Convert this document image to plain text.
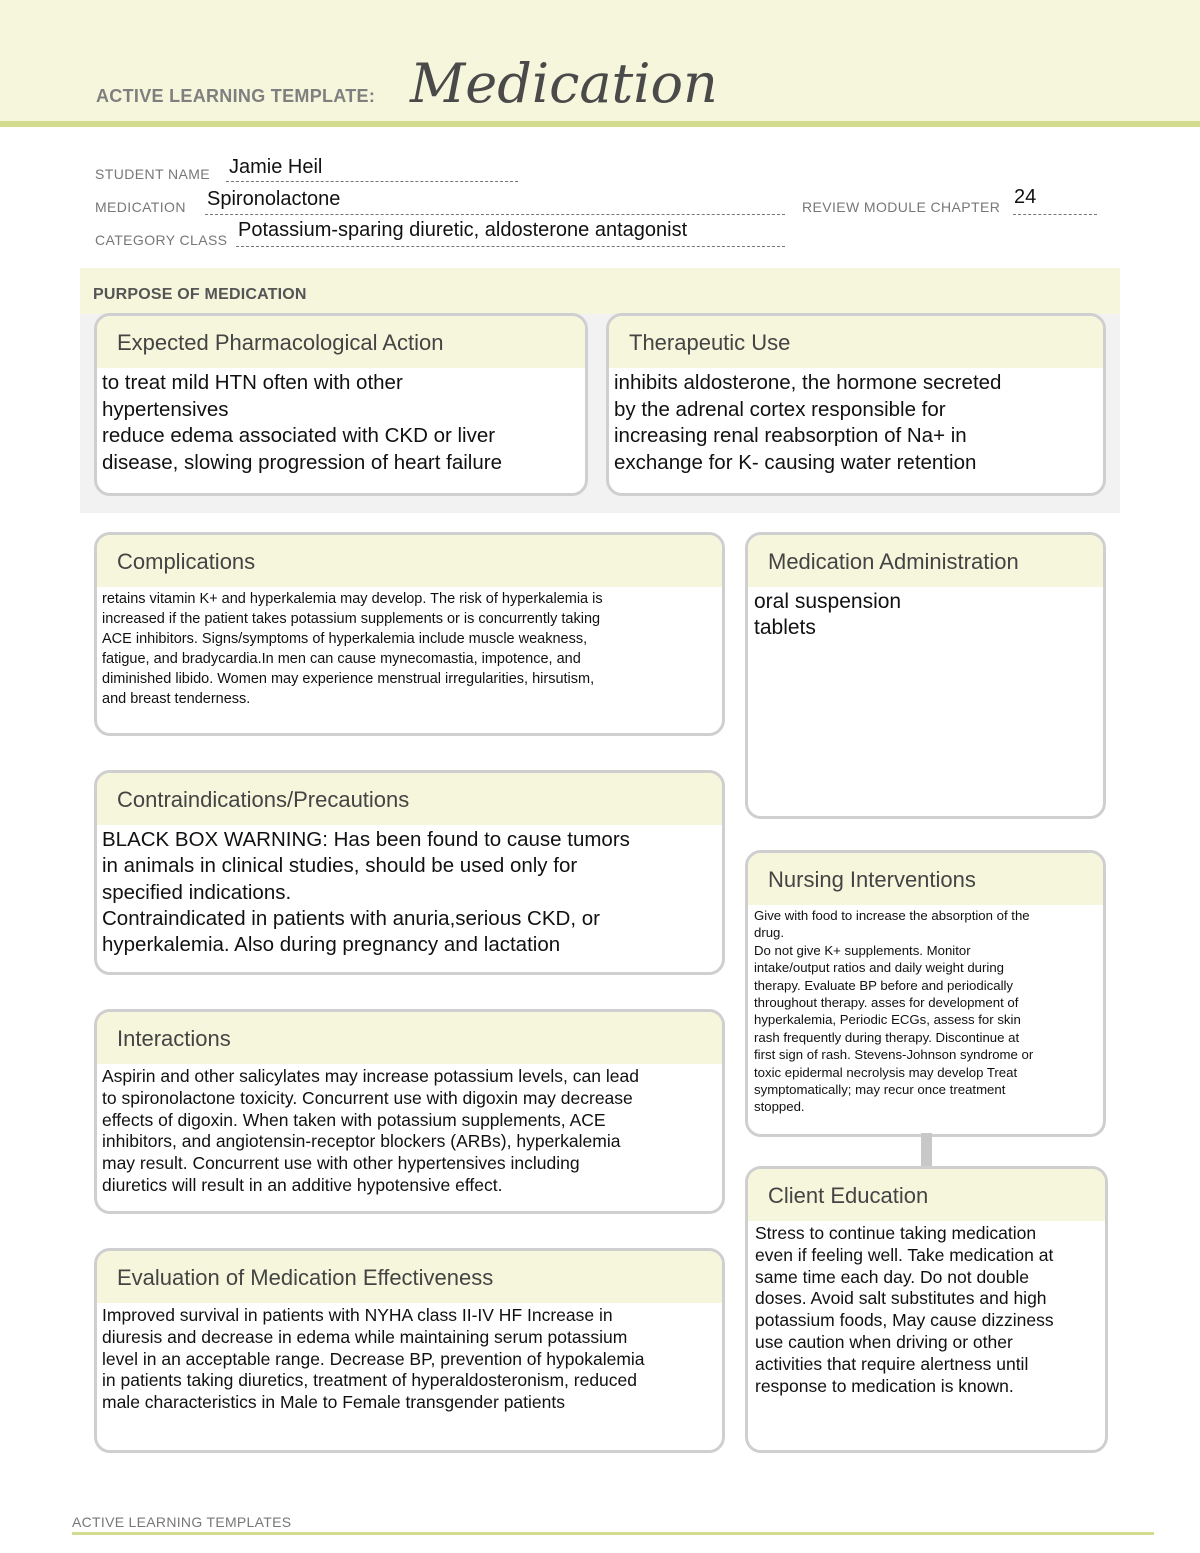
ACTIVE LEARNING TEMPLATE: Medication
STUDENT NAME Jamie Heil
MEDICATION Spironolactone	REVIEW MODULE CHAPTER 24
CATEGORY CLASS Potassium-sparing diuretic, aldosterone antagonist
PURPOSE OF MEDICATION
Expected Pharmacological Action
to treat mild HTN often with other
hypertensives
reduce edema associated with CKD or liver
disease, slowing progression of heart failure
Therapeutic Use
inhibits aldosterone, the hormone secreted
by the adrenal cortex responsible for
increasing renal reabsorption of Na+ in
exchange for K- causing water retention
Complications
retains vitamin K+ and hyperkalemia may develop. The risk of hyperkalemia is
increased if the patient takes potassium supplements or is concurrently taking
ACE inhibitors. Signs/symptoms of hyperkalemia include muscle weakness,
fatigue, and bradycardia.In men can cause mynecomastia, impotence, and
diminished libido. Women may experience menstrual irregularities, hirsutism,
and breast tenderness.
Medication Administration
oral suspension
tablets
Contraindications/Precautions
BLACK BOX WARNING: Has been found to cause tumors
in animals in clinical studies, should be used only for
specified indications.
Contraindicated in patients with anuria,serious CKD, or
hyperkalemia. Also during pregnancy and lactation
Nursing Interventions
Give with food to increase the absorption of the
drug.
Do not give K+ supplements. Monitor
intake/output ratios and daily weight during
therapy. Evaluate BP before and periodically
throughout therapy. asses for development of
hyperkalemia, Periodic ECGs, assess for skin
rash frequently during therapy. Discontinue at
first sign of rash. Stevens-Johnson syndrome or
toxic epidermal necrolysis may develop Treat
symptomatically; may recur once treatment
stopped.
Interactions
Aspirin and other salicylates may increase potassium levels, can lead
to spironolactone toxicity. Concurrent use with digoxin may decrease
effects of digoxin. When taken with potassium supplements, ACE
inhibitors, and angiotensin-receptor blockers (ARBs), hyperkalemia
may result. Concurrent use with other hypertensives including
diuretics will result in an additive hypotensive effect.	Client Education
Stress to continue taking medication
even if feeling well. Take medication at
same time each day. Do not double
doses. Avoid salt substitutes and high
potassium foods, May cause dizziness
use caution when driving or other
activities that require alertness until
response to medication is known.
Evaluation of Medication Effectiveness
Improved survival in patients with NYHA class II-IV HF Increase in
diuresis and decrease in edema while maintaining serum potassium
level in an acceptable range. Decrease BP, prevention of hypokalemia
in patients taking diuretics, treatment of hyperaldosteronism, reduced
male characteristics in Male to Female transgender patients
ACTIVE LEARNING TEMPLATES
